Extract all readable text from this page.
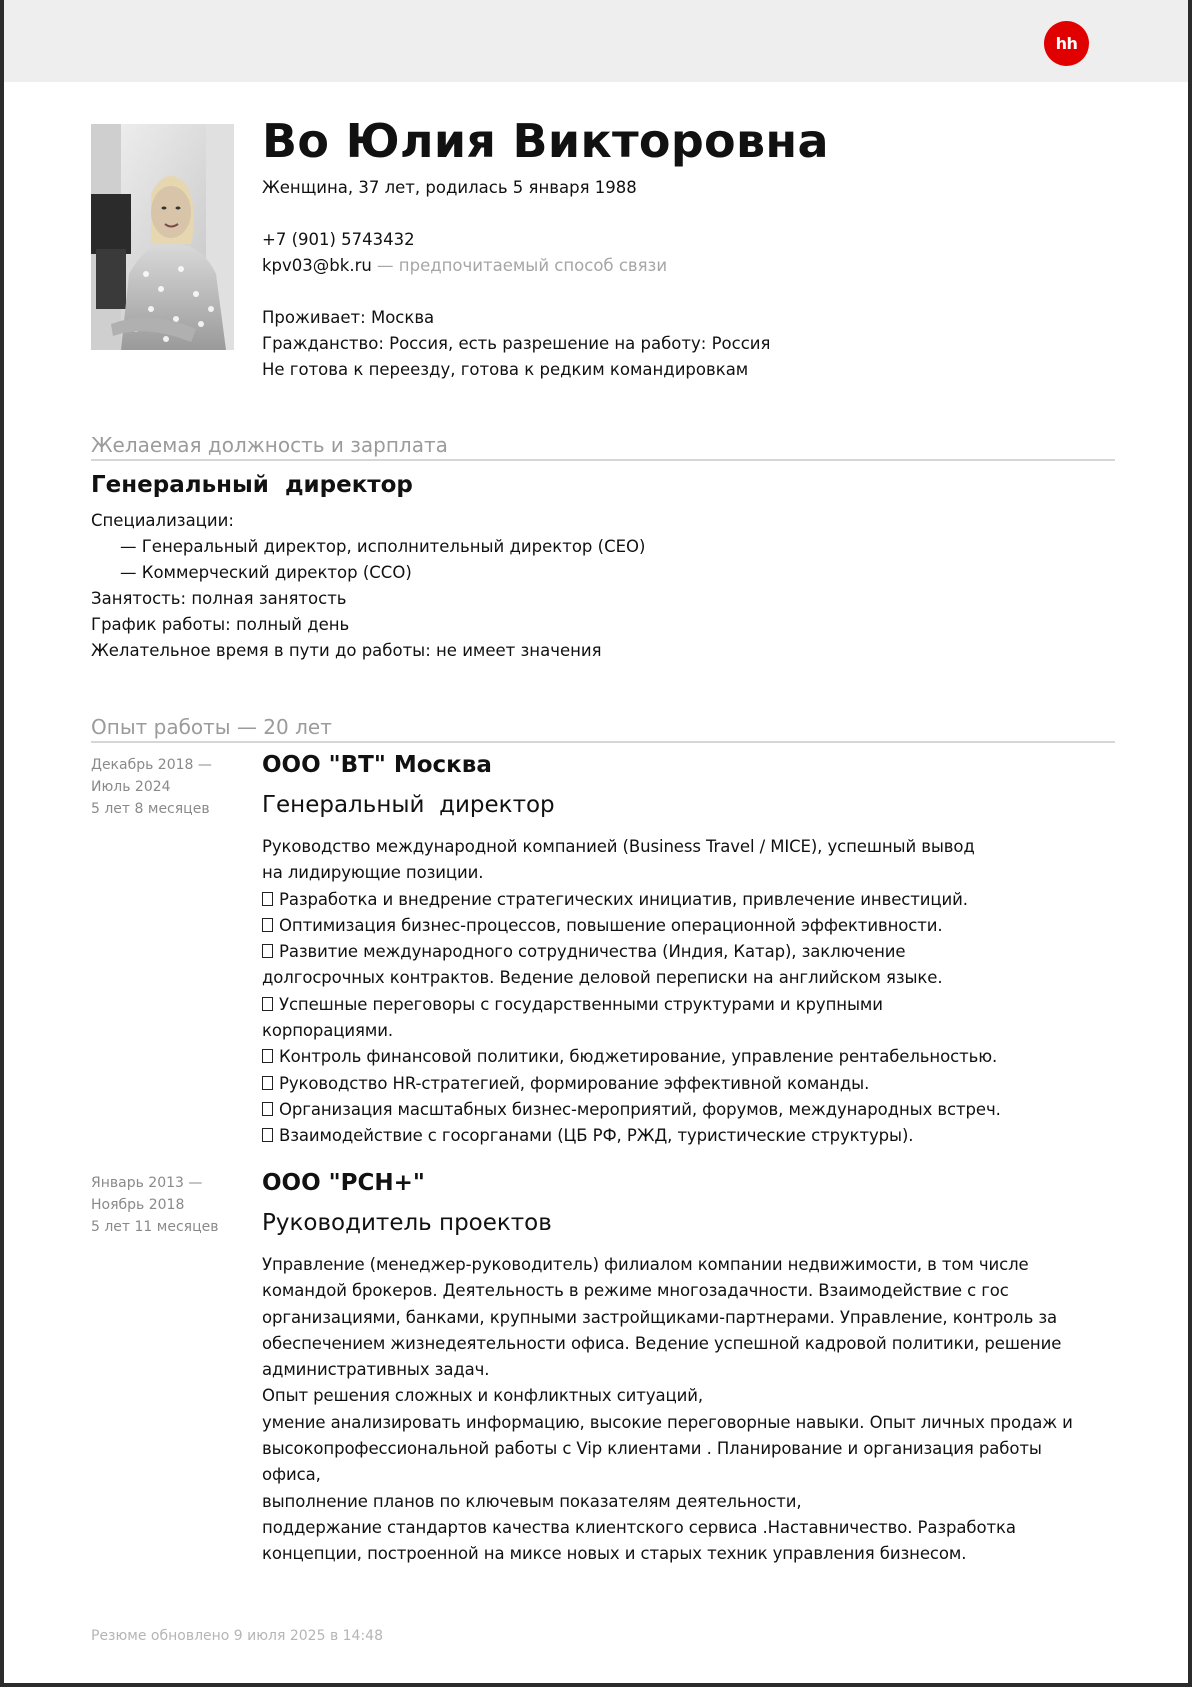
hh
Во Юлия Викторовна
Женщина, 37 лет, родилась 5 января 1988
+7 (901) 5743432
kpv03@bk.ru — предпочитаемый способ связи
Проживает: Москва
Гражданство: Россия, есть разрешение на работу: Россия
Не готова к переезду, готова к редким командировкам
Желаемая должность и зарплата
Генеральный  директор
Специализации:
— Генеральный директор, исполнительный директор (CEO)
— Коммерческий директор (CCO)
Занятость: полная занятость
График работы: полный день
Желательное время в пути до работы: не имеет значения
Опыт работы — 20 лет
Декабрь 2018 —
Июль 2024
5 лет 8 месяцев
ООО "ВТ" Москва
Генеральный  директор
Руководство международной компанией (Business Travel / MICE), успешный вывод
на лидирующие позиции.
Разработка и внедрение стратегических инициатив, привлечение инвестиций.
Оптимизация бизнес-процессов, повышение операционной эффективности.
Развитие международного сотрудничества (Индия, Катар), заключение
долгосрочных контрактов. Ведение деловой переписки на английском языке.
Успешные переговоры с государственными структурами и крупными
корпорациями.
Контроль финансовой политики, бюджетирование, управление рентабельностью.
Руководство HR-стратегией, формирование эффективной команды.
Организация масштабных бизнес-мероприятий, форумов, международных встреч.
Взаимодействие с госорганами (ЦБ РФ, РЖД, туристические структуры).
Январь 2013 —
Ноябрь 2018
5 лет 11 месяцев
ООО "РСН+"
Руководитель проектов
Управление (менеджер-руководитель) филиалом компании недвижимости, в том числе
командой брокеров. Деятельность в режиме многозадачности. Взаимодействие с гос
организациями, банками, крупными застройщиками-партнерами. Управление, контроль за
обеспечением жизнедеятельности офиса. Ведение успешной кадровой политики, решение
административных задач.
Опыт решения сложных и конфликтных ситуаций,
умение анализировать информацию, высокие переговорные навыки. Опыт личных продаж и
высокопрофессиональной работы с Vip клиентами . Планирование и организация работы
офиса,
выполнение планов по ключевым показателям деятельности,
поддержание стандартов качества клиентского сервиса .Наставничество. Разработка
концепции, построенной на миксе новых и старых техник управления бизнесом.
Резюме обновлено 9 июля 2025 в 14:48
